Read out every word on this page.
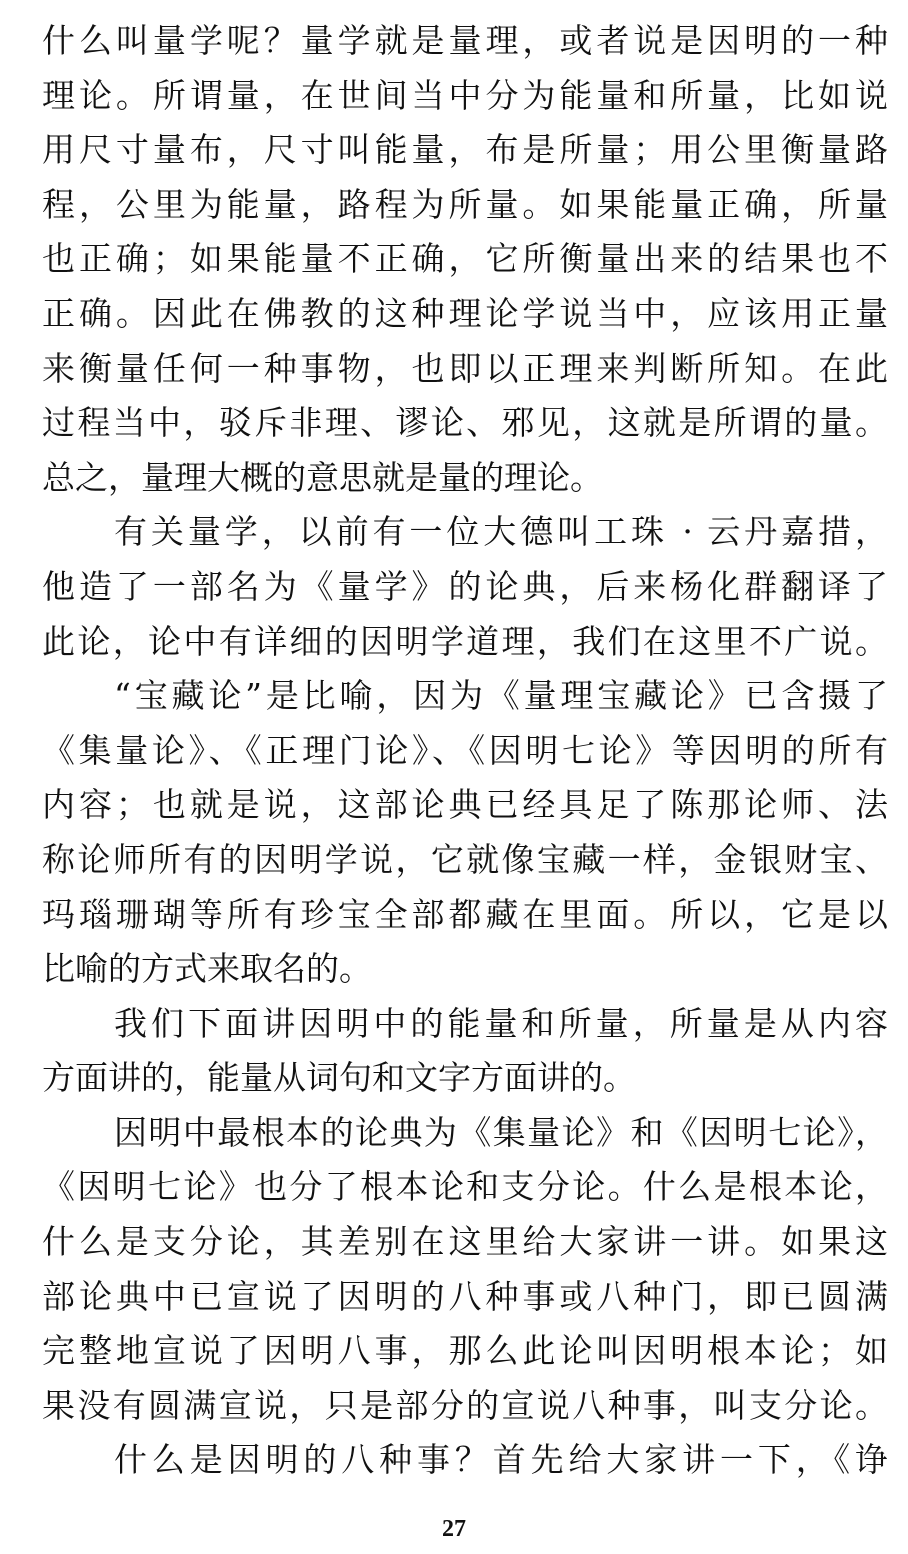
什么叫量学呢？量学就是量理，或者说是因明的一种
理论。所谓量，在世间当中分为能量和所量，比如说
用尺寸量布，尺寸叫能量，布是所量；用公里衡量路
程，公里为能量，路程为所量。如果能量正确，所量
也正确；如果能量不正确，它所衡量出来的结果也不
正确。因此在佛教的这种理论学说当中，应该用正量
来衡量任何一种事物，也即以正理来判断所知。在此
过程当中，驳斥非理、谬论、邪见，这就是所谓的量。
总之，量理大概的意思就是量的理论。
有关量学，以前有一位大德叫工珠 · 云丹嘉措，
他造了一部名为《量学》的论典，后来杨化群翻译了
此论，论中有详细的因明学道理，我们在这里不广说。
“宝藏论”是比喻，因为《量理宝藏论》已含摄了
《集量论》、《正理门论》、《因明七论》等因明的所有
内容；也就是说，这部论典已经具足了陈那论师、法
称论师所有的因明学说，它就像宝藏一样，金银财宝、
玛瑙珊瑚等所有珍宝全部都藏在里面。所以，它是以
比喻的方式来取名的。
我们下面讲因明中的能量和所量，所量是从内容
方面讲的，能量从词句和文字方面讲的。
因明中最根本的论典为《集量论》和《因明七论》，
《因明七论》也分了根本论和支分论。什么是根本论，
什么是支分论，其差别在这里给大家讲一讲。如果这
部论典中已宣说了因明的八种事或八种门，即已圆满
完整地宣说了因明八事，那么此论叫因明根本论；如
果没有圆满宣说，只是部分的宣说八种事，叫支分论。
什么是因明的八种事？首先给大家讲一下，《诤
27
